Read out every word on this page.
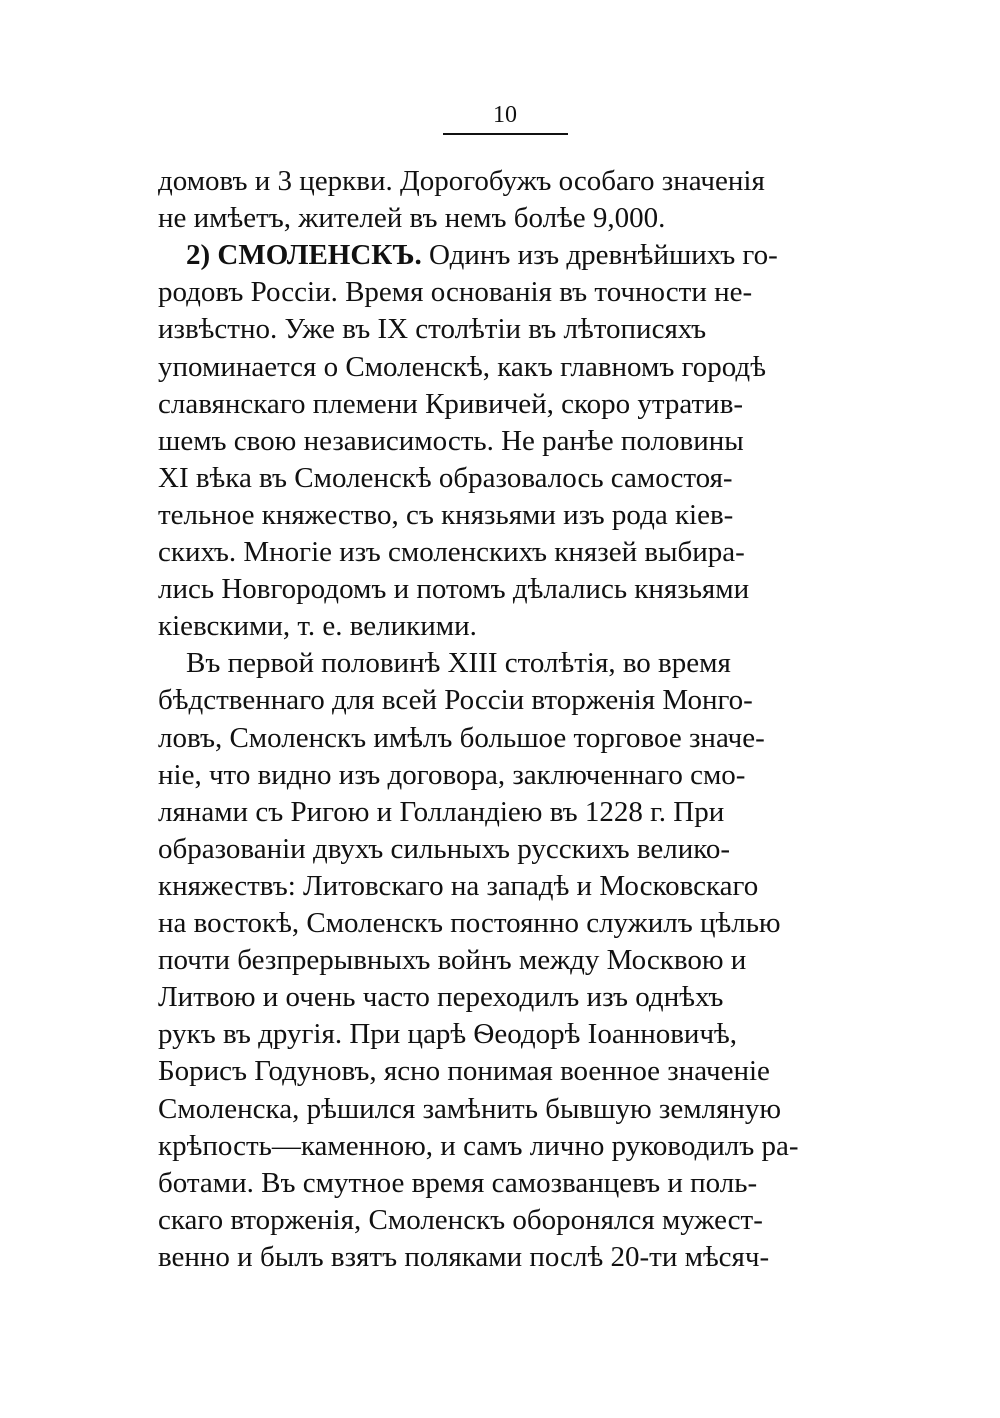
10
домовъ и 3 церкви. Дорогобужъ особаго значенія
не имѣетъ, жителей въ немъ болѣе 9,000.
2) СМОЛЕНСКЪ. Одинъ изъ древнѣйшихъ го-
родовъ Россіи. Время основанія въ точности не-
извѣстно. Уже въ IX столѣтіи въ лѣтописяхъ
упоминается о Смоленскѣ, какъ главномъ городѣ
славянскаго племени Кривичей, скоро утратив-
шемъ свою независимость. Не ранѣе половины
XI вѣка въ Смоленскѣ образовалось самостоя-
тельное княжество, съ князьями изъ рода кіев-
скихъ. Многіе изъ смоленскихъ князей выбира-
лись Новгородомъ и потомъ дѣлались князьями
кіевскими, т. е. великими.
Въ первой половинѣ XIII столѣтія, во время
бѣдственнаго для всей Россіи вторженія Монго-
ловъ, Смоленскъ имѣлъ большое торговое значе-
ніе, что видно изъ договора, заключеннаго смо-
лянами съ Ригою и Голландіею въ 1228 г. При
образованіи двухъ сильныхъ русскихъ велико-
княжествъ: Литовскаго на западѣ и Московскаго
на востокѣ, Смоленскъ постоянно служилъ цѣлью
почти безпрерывныхъ войнъ между Москвою и
Литвою и очень часто переходилъ изъ однѣхъ
рукъ въ другія. При царѣ Ѳеодорѣ Іоанновичѣ,
Борисъ Годуновъ, ясно понимая военное значеніе
Смоленска, рѣшился замѣнить бывшую земляную
крѣпость—каменною, и самъ лично руководилъ ра-
ботами. Въ смутное время самозванцевъ и поль-
скаго вторженія, Смоленскъ оборонялся мужест-
венно и былъ взятъ поляками послѣ 20-ти мѣсяч-
